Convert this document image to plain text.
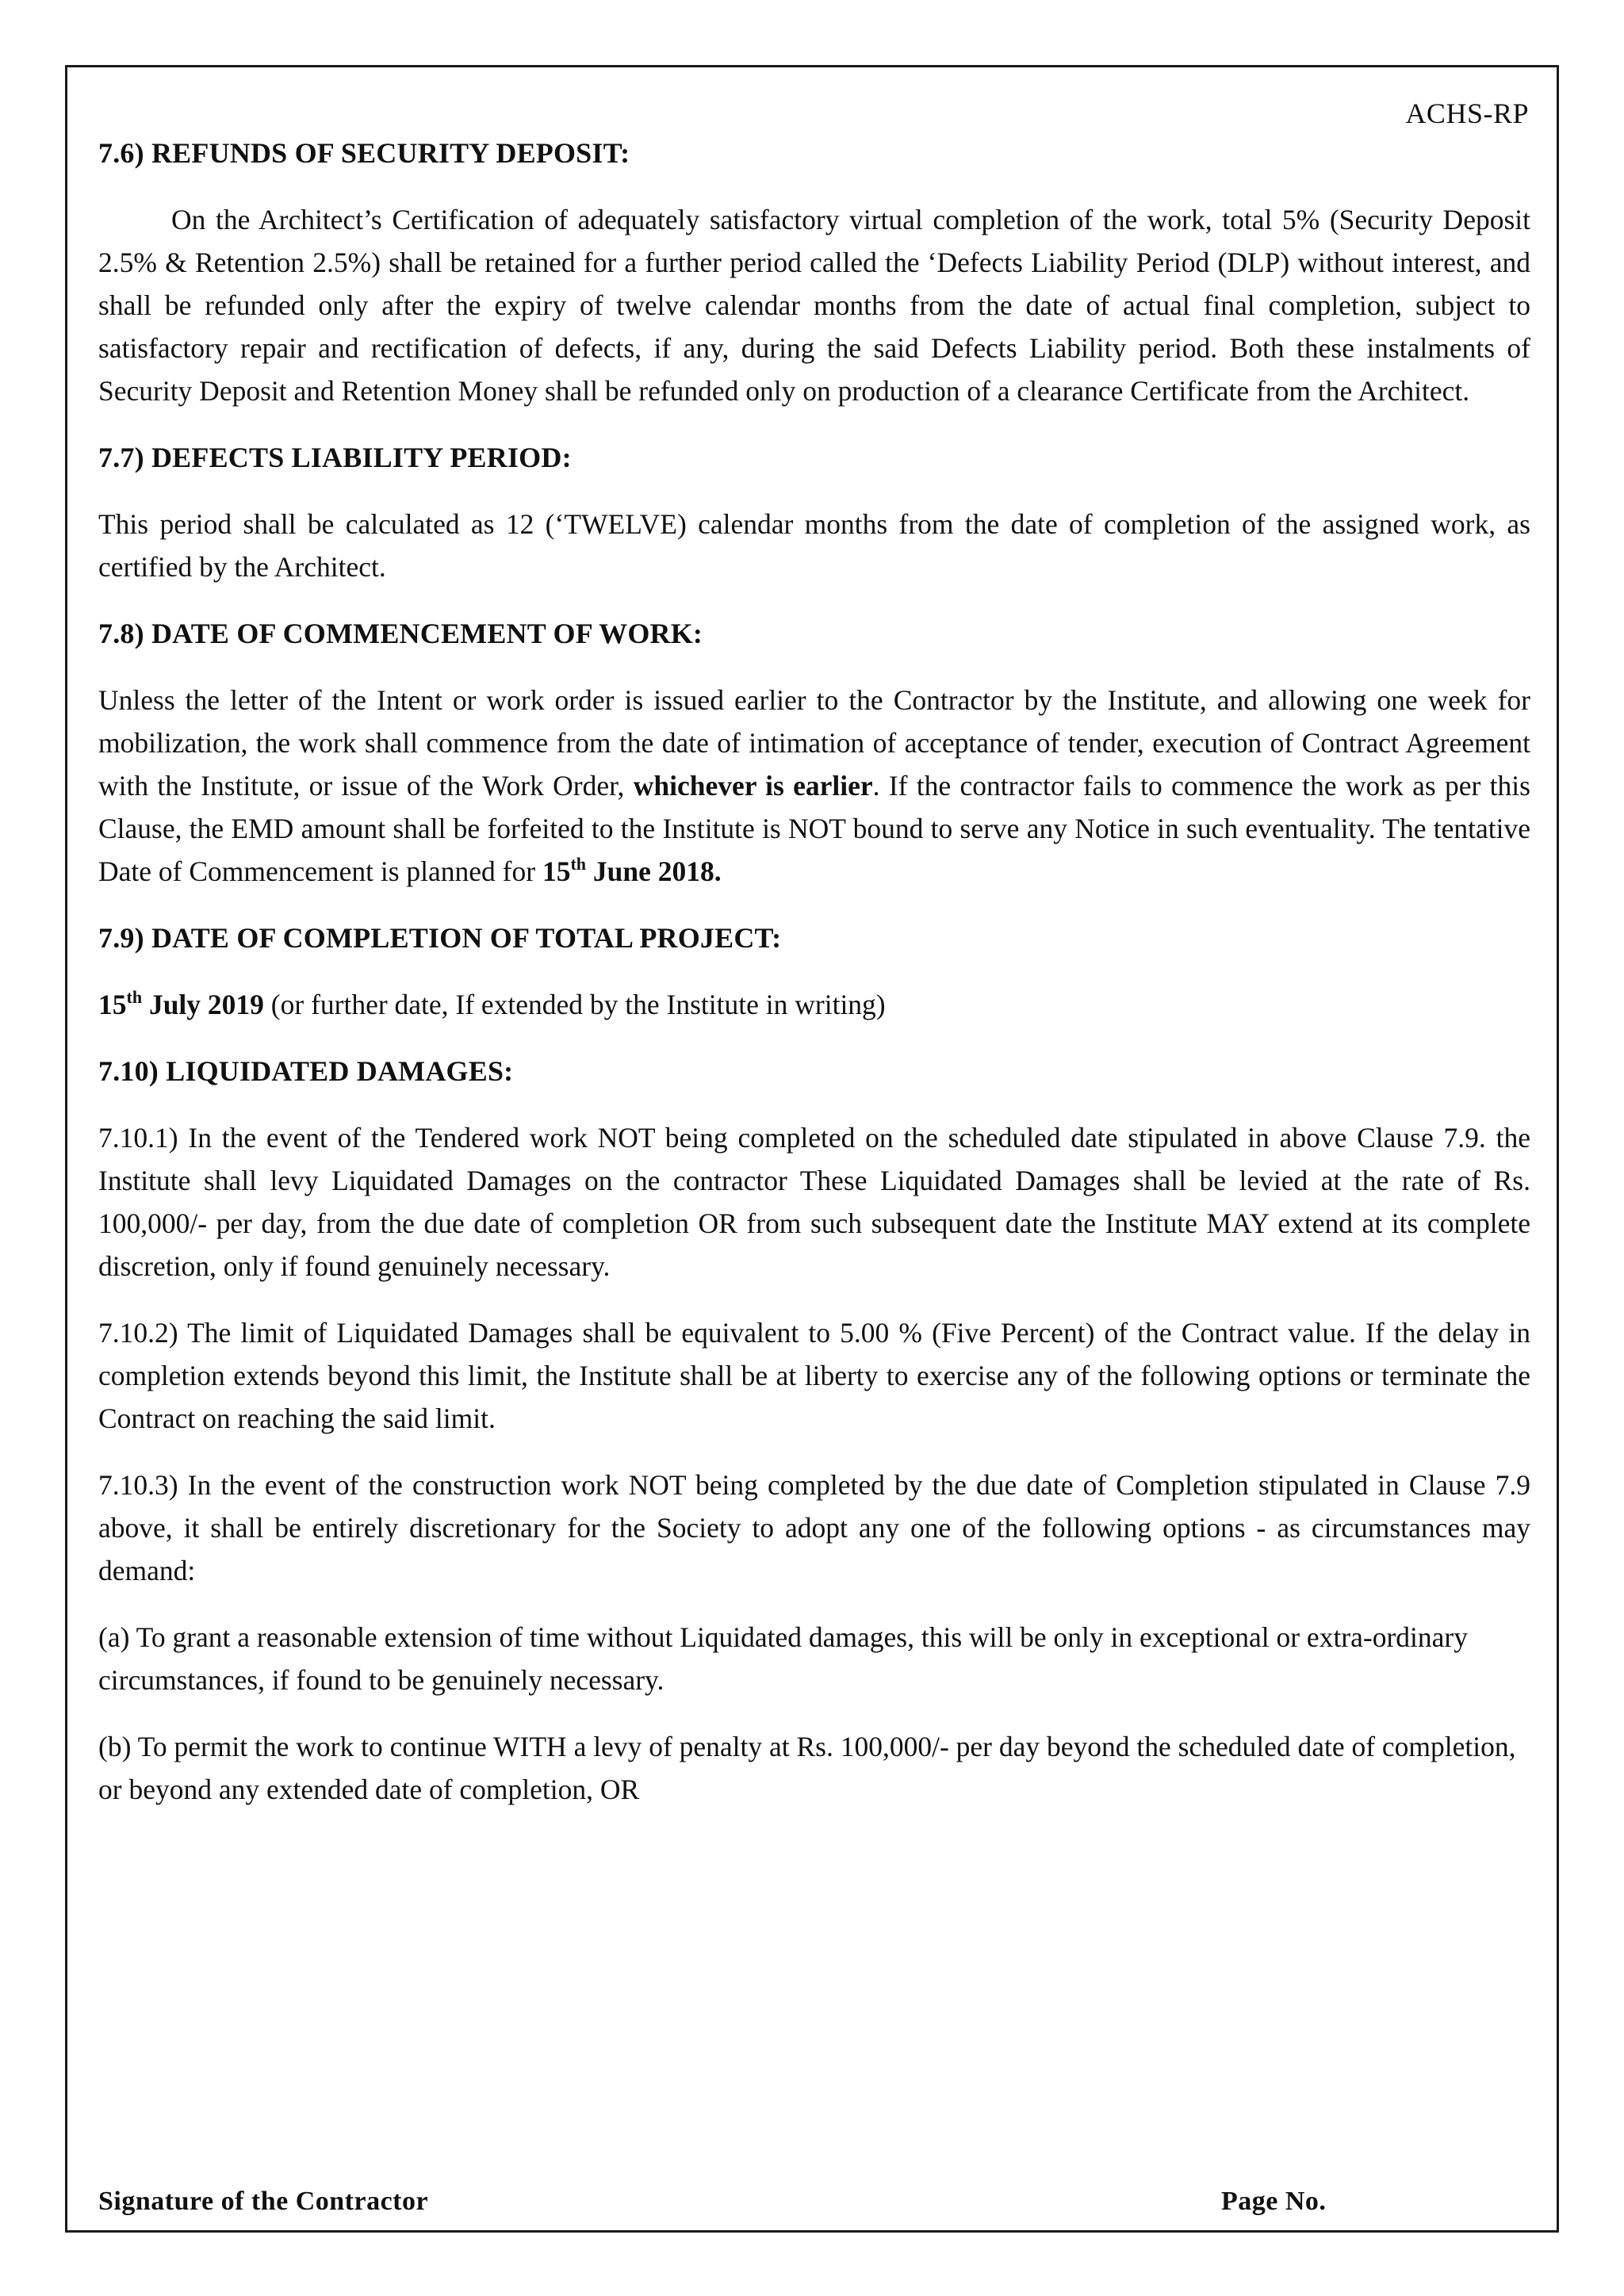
ACHS-RP
7.6) REFUNDS OF SECURITY DEPOSIT:

On the Architect’s Certification of adequately satisfactory virtual completion of the work, total 5% (Security Deposit 2.5% & Retention 2.5%) shall be retained for a further period called the ‘Defects Liability Period (DLP) without interest, and shall be refunded only after the expiry of twelve calendar months from the date of actual final completion, subject to satisfactory repair and rectification of defects, if any, during the said Defects Liability period. Both these instalments of Security Deposit and Retention Money shall be refunded only on production of a clearance Certificate from the Architect.

7.7) DEFECTS LIABILITY PERIOD:

This period shall be calculated as 12 (‘TWELVE) calendar months from the date of completion of the assigned work, as certified by the Architect.

7.8) DATE OF COMMENCEMENT OF WORK:

Unless the letter of the Intent or work order is issued earlier to the Contractor by the Institute, and allowing one week for mobilization, the work shall commence from the date of intimation of acceptance of tender, execution of Contract Agreement with the Institute, or issue of the Work Order, whichever is earlier. If the contractor fails to commence the work as per this Clause, the EMD amount shall be forfeited to the Institute is NOT bound to serve any Notice in such eventuality. The tentative Date of Commencement is planned for 15th June 2018.

7.9) DATE OF COMPLETION OF TOTAL PROJECT:

15th July 2019 (or further date, If extended by the Institute in writing)

7.10) LIQUIDATED DAMAGES:

7.10.1) In the event of the Tendered work NOT being completed on the scheduled date stipulated in above Clause 7.9. the Institute shall levy Liquidated Damages on the contractor These Liquidated Damages shall be levied at the rate of Rs. 100,000/- per day, from the due date of completion OR from such subsequent date the Institute MAY extend at its complete discretion, only if found genuinely necessary.

7.10.2) The limit of Liquidated Damages shall be equivalent to 5.00 % (Five Percent) of the Contract value. If the delay in completion extends beyond this limit, the Institute shall be at liberty to exercise any of the following options or terminate the Contract on reaching the said limit.

7.10.3) In the event of the construction work NOT being completed by the due date of Completion stipulated in Clause 7.9 above, it shall be entirely discretionary for the Society to adopt any one of the following options - as circumstances may demand:

(a) To grant a reasonable extension of time without Liquidated damages, this will be only in exceptional or extra-ordinary circumstances, if found to be genuinely necessary.

(b) To permit the work to continue WITH a levy of penalty at Rs. 100,000/- per day beyond the scheduled date of completion, or beyond any extended date of completion, OR

Signature of the Contractor	Page No.
